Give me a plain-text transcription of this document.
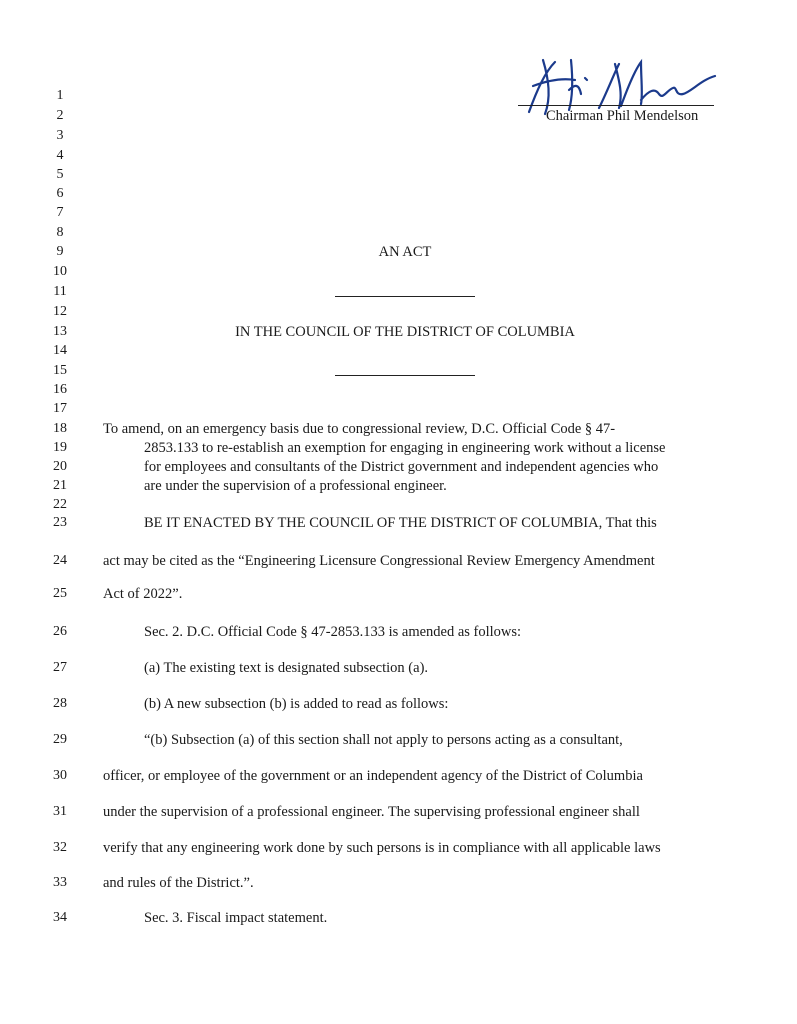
Chairman Phil Mendelson
1
2
3
4
5
6
7
8
9
10
11
12
13
14
15
16
17
18
19
20
21
22
23
24
25
26
27
28
29
30
31
32
33
34
AN ACT
IN THE COUNCIL OF THE DISTRICT OF COLUMBIA
To amend, on an emergency basis due to congressional review, D.C. Official Code § 47-
2853.133 to re-establish an exemption for engaging in engineering work without a license
for employees and consultants of the District government and independent agencies who
are under the supervision of a professional engineer.
BE IT ENACTED BY THE COUNCIL OF THE DISTRICT OF COLUMBIA, That this
act may be cited as the “Engineering Licensure Congressional Review Emergency Amendment
Act of 2022”.
Sec. 2. D.C. Official Code § 47-2853.133 is amended as follows:
(a) The existing text is designated subsection (a).
(b) A new subsection (b) is added to read as follows:
“(b) Subsection (a) of this section shall not apply to persons acting as a consultant,
officer, or employee of the government or an independent agency of the District of Columbia
under the supervision of a professional engineer. The supervising professional engineer shall
verify that any engineering work done by such persons is in compliance with all applicable laws
and rules of the District.”.
Sec. 3. Fiscal impact statement.
